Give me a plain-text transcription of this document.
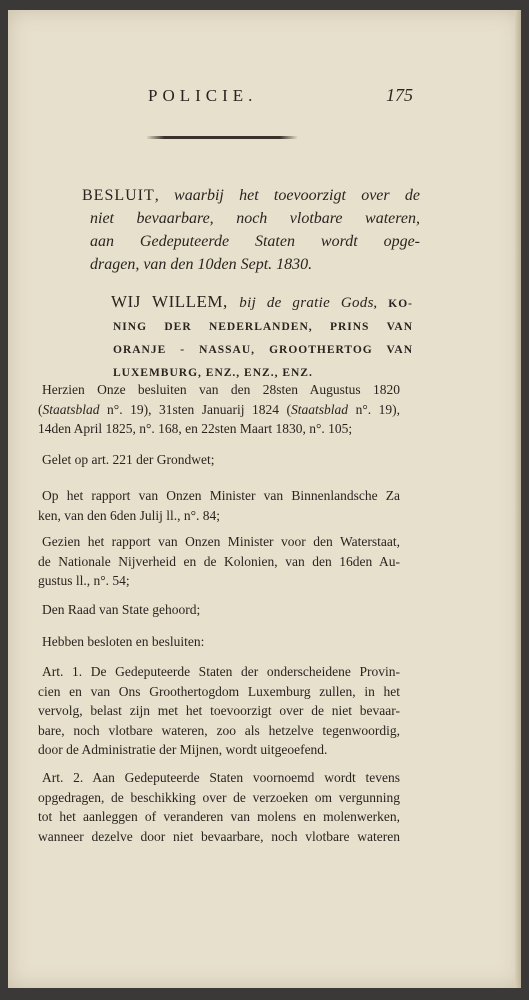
POLICIE.	175
BESLUIT, waarbij het toevoorzigt over de
niet bevaarbare, noch vlotbare wateren,
aan Gedeputeerde Staten wordt opge-
dragen, van den 10den Sept. 1830.
WIJ WILLEM, bij de gratie Gods, KO-
NING DER NEDERLANDEN, PRINS VAN
ORANJE - NASSAU, GROOTHERTOG VAN
LUXEMBURG, ENZ., ENZ., ENZ.
Herzien Onze besluiten van den 28sten Augustus 1820
(Staatsblad n°. 19), 31sten Januarij 1824 (Staatsblad n°. 19),
14den April 1825, n°. 168, en 22sten Maart 1830, n°. 105;
Gelet op art. 221 der Grondwet;
Op het rapport van Onzen Minister van Binnenlandsche Za
ken, van den 6den Julij ll., n°. 84;
Gezien het rapport van Onzen Minister voor den Waterstaat,
de Nationale Nijverheid en de Kolonien, van den 16den Au-
gustus ll., n°. 54;
Den Raad van State gehoord;
Hebben besloten en besluiten:
Art. 1. De Gedeputeerde Staten der onderscheidene Provin-
cien en van Ons Groothertogdom Luxemburg zullen, in het
vervolg, belast zijn met het toevoorzigt over de niet bevaar-
bare, noch vlotbare wateren, zoo als hetzelve tegenwoordig,
door de Administratie der Mijnen, wordt uitgeoefend.
Art. 2. Aan Gedeputeerde Staten voornoemd wordt tevens
opgedragen, de beschikking over de verzoeken om vergunning
tot het aanleggen of veranderen van molens en molenwerken,
wanneer dezelve door niet bevaarbare, noch vlotbare wateren
